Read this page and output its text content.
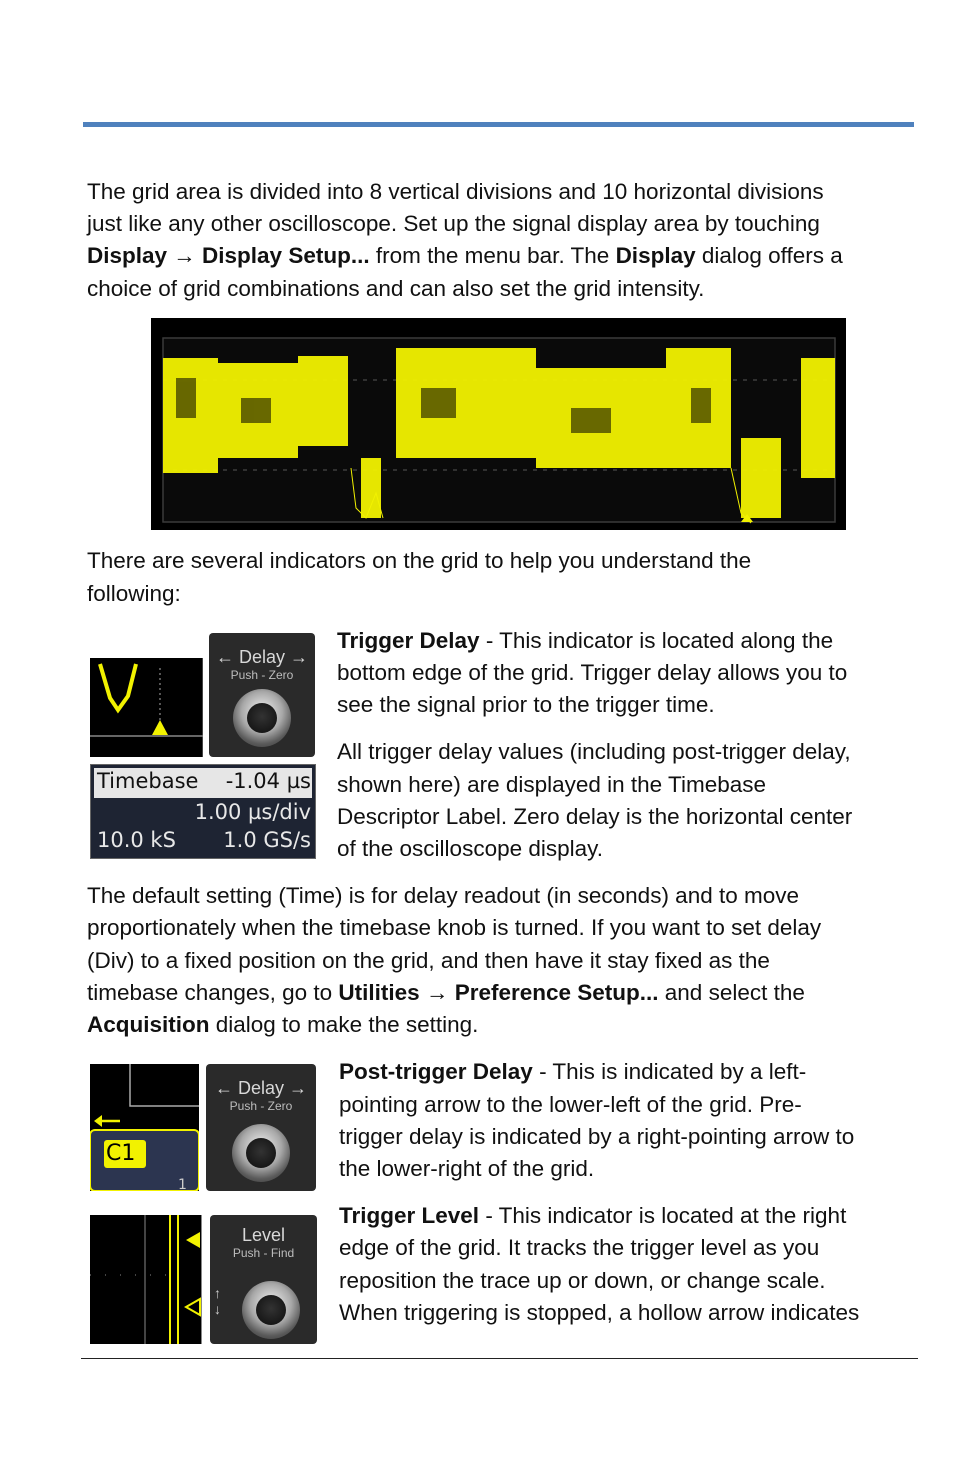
The grid area is divided into 8 vertical divisions and 10 horizontal divisions

just like any other oscilloscope. Set up the signal display area by touching

Display → Display Setup... from the menu bar. The Display dialog offers a

choice of grid combinations and can also set the grid intensity.

There are several indicators on the grid to help you understand the

following:

← Delay →
Push - Zero
Timebase -1.04 µs
1.00 µs/div
10.0 kS 1.0 GS/s

Trigger Delay - This indicator is located along the

bottom edge of the grid. Trigger delay allows you to

see the signal prior to the trigger time.

All trigger delay values (including post-trigger delay,

shown here) are displayed in the Timebase

Descriptor Label. Zero delay is the horizontal center

of the oscilloscope display.

The default setting (Time) is for delay readout (in seconds) and to move

proportionately when the timebase knob is turned. If you want to set delay

(Div) to a fixed position on the grid, and then have it stay fixed as the

timebase changes, go to Utilities → Preference Setup... and select the

Acquisition dialog to make the setting.

1
C1
← Delay →
Push - Zero

Post-trigger Delay - This is indicated by a left-

pointing arrow to the lower-left of the grid. Pre-

trigger delay is indicated by a right-pointing arrow to

the lower-right of the grid.

Level
Push - Find
↑
↓

Trigger Level - This indicator is located at the right

edge of the grid. It tracks the trigger level as you

reposition the trace up or down, or change scale.

When triggering is stopped, a hollow arrow indicates
